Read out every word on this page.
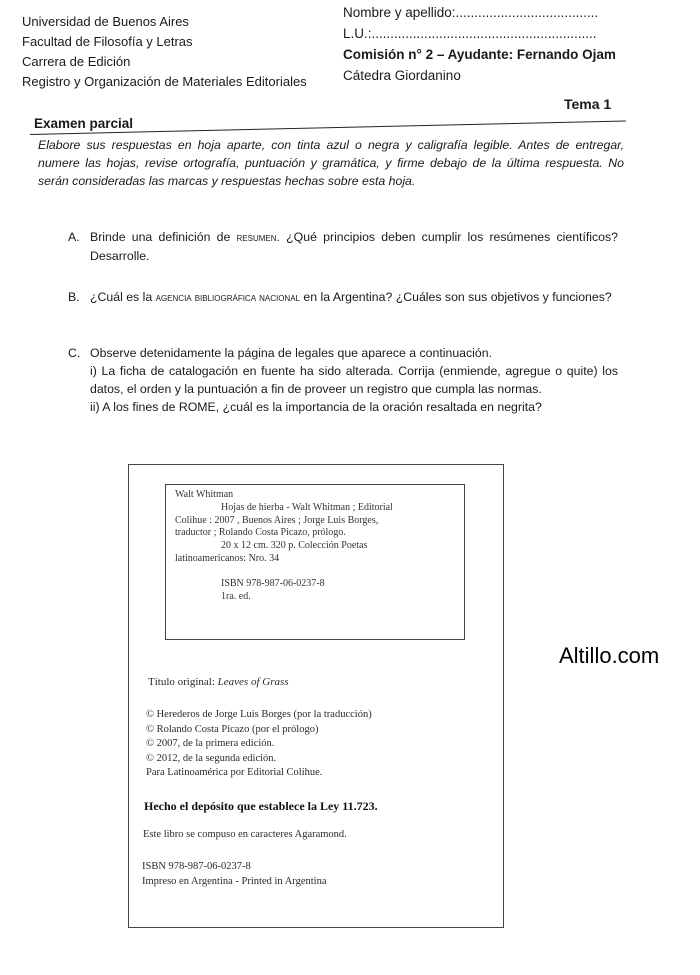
Universidad de Buenos Aires
Facultad de Filosofía y Letras
Carrera de Edición
Registro y Organización de Materiales Editoriales
Nombre y apellido:......................................
L.U.:............................................................
Comisión n° 2 – Ayudante: Fernando Ojam
Cátedra Giordanino
Tema 1
Examen parcial
Elabore sus respuestas en hoja aparte, con tinta azul o negra y caligrafía legible. Antes de entregar, numere las hojas, revise ortografía, puntuación y gramática, y firme debajo de la última respuesta. No serán consideradas las marcas y respuestas hechas sobre esta hoja.
A. Brinde una definición de resumen. ¿Qué principios deben cumplir los resúmenes científicos? Desarrolle.
B. ¿Cuál es la agencia bibliográfica nacional en la Argentina? ¿Cuáles son sus objetivos y funciones?
C. Observe detenidamente la página de legales que aparece a continuación.
i) La ficha de catalogación en fuente ha sido alterada. Corrija (enmiende, agregue o quite) los datos, el orden y la puntuación a fin de proveer un registro que cumpla las normas.
ii) A los fines de ROME, ¿cuál es la importancia de la oración resaltada en negrita?
Walt Whitman
Hojas de hierba - Walt Whitman ; Editorial
Colihue : 2007 , Buenos Aires ; Jorge Luis Borges,
traductor ; Rolando Costa Picazo, prólogo.
20 x 12 cm. 320 p. Colección Poetas
latinoamericanos: Nro. 34
ISBN 978-987-06-0237-8
1ra. ed.
Título original: Leaves of Grass
© Herederos de Jorge Luis Borges (por la traducción)
© Rolando Costa Picazo (por el prólogo)
© 2007, de la primera edición.
© 2012, de la segunda edición.
Para Latinoamérica por Editorial Colihue.
Hecho el depósito que establece la Ley 11.723.
Este libro se compuso en caracteres Agaramond.
ISBN 978-987-06-0237-8
Impreso en Argentina - Printed in Argentina
Altillo.com
